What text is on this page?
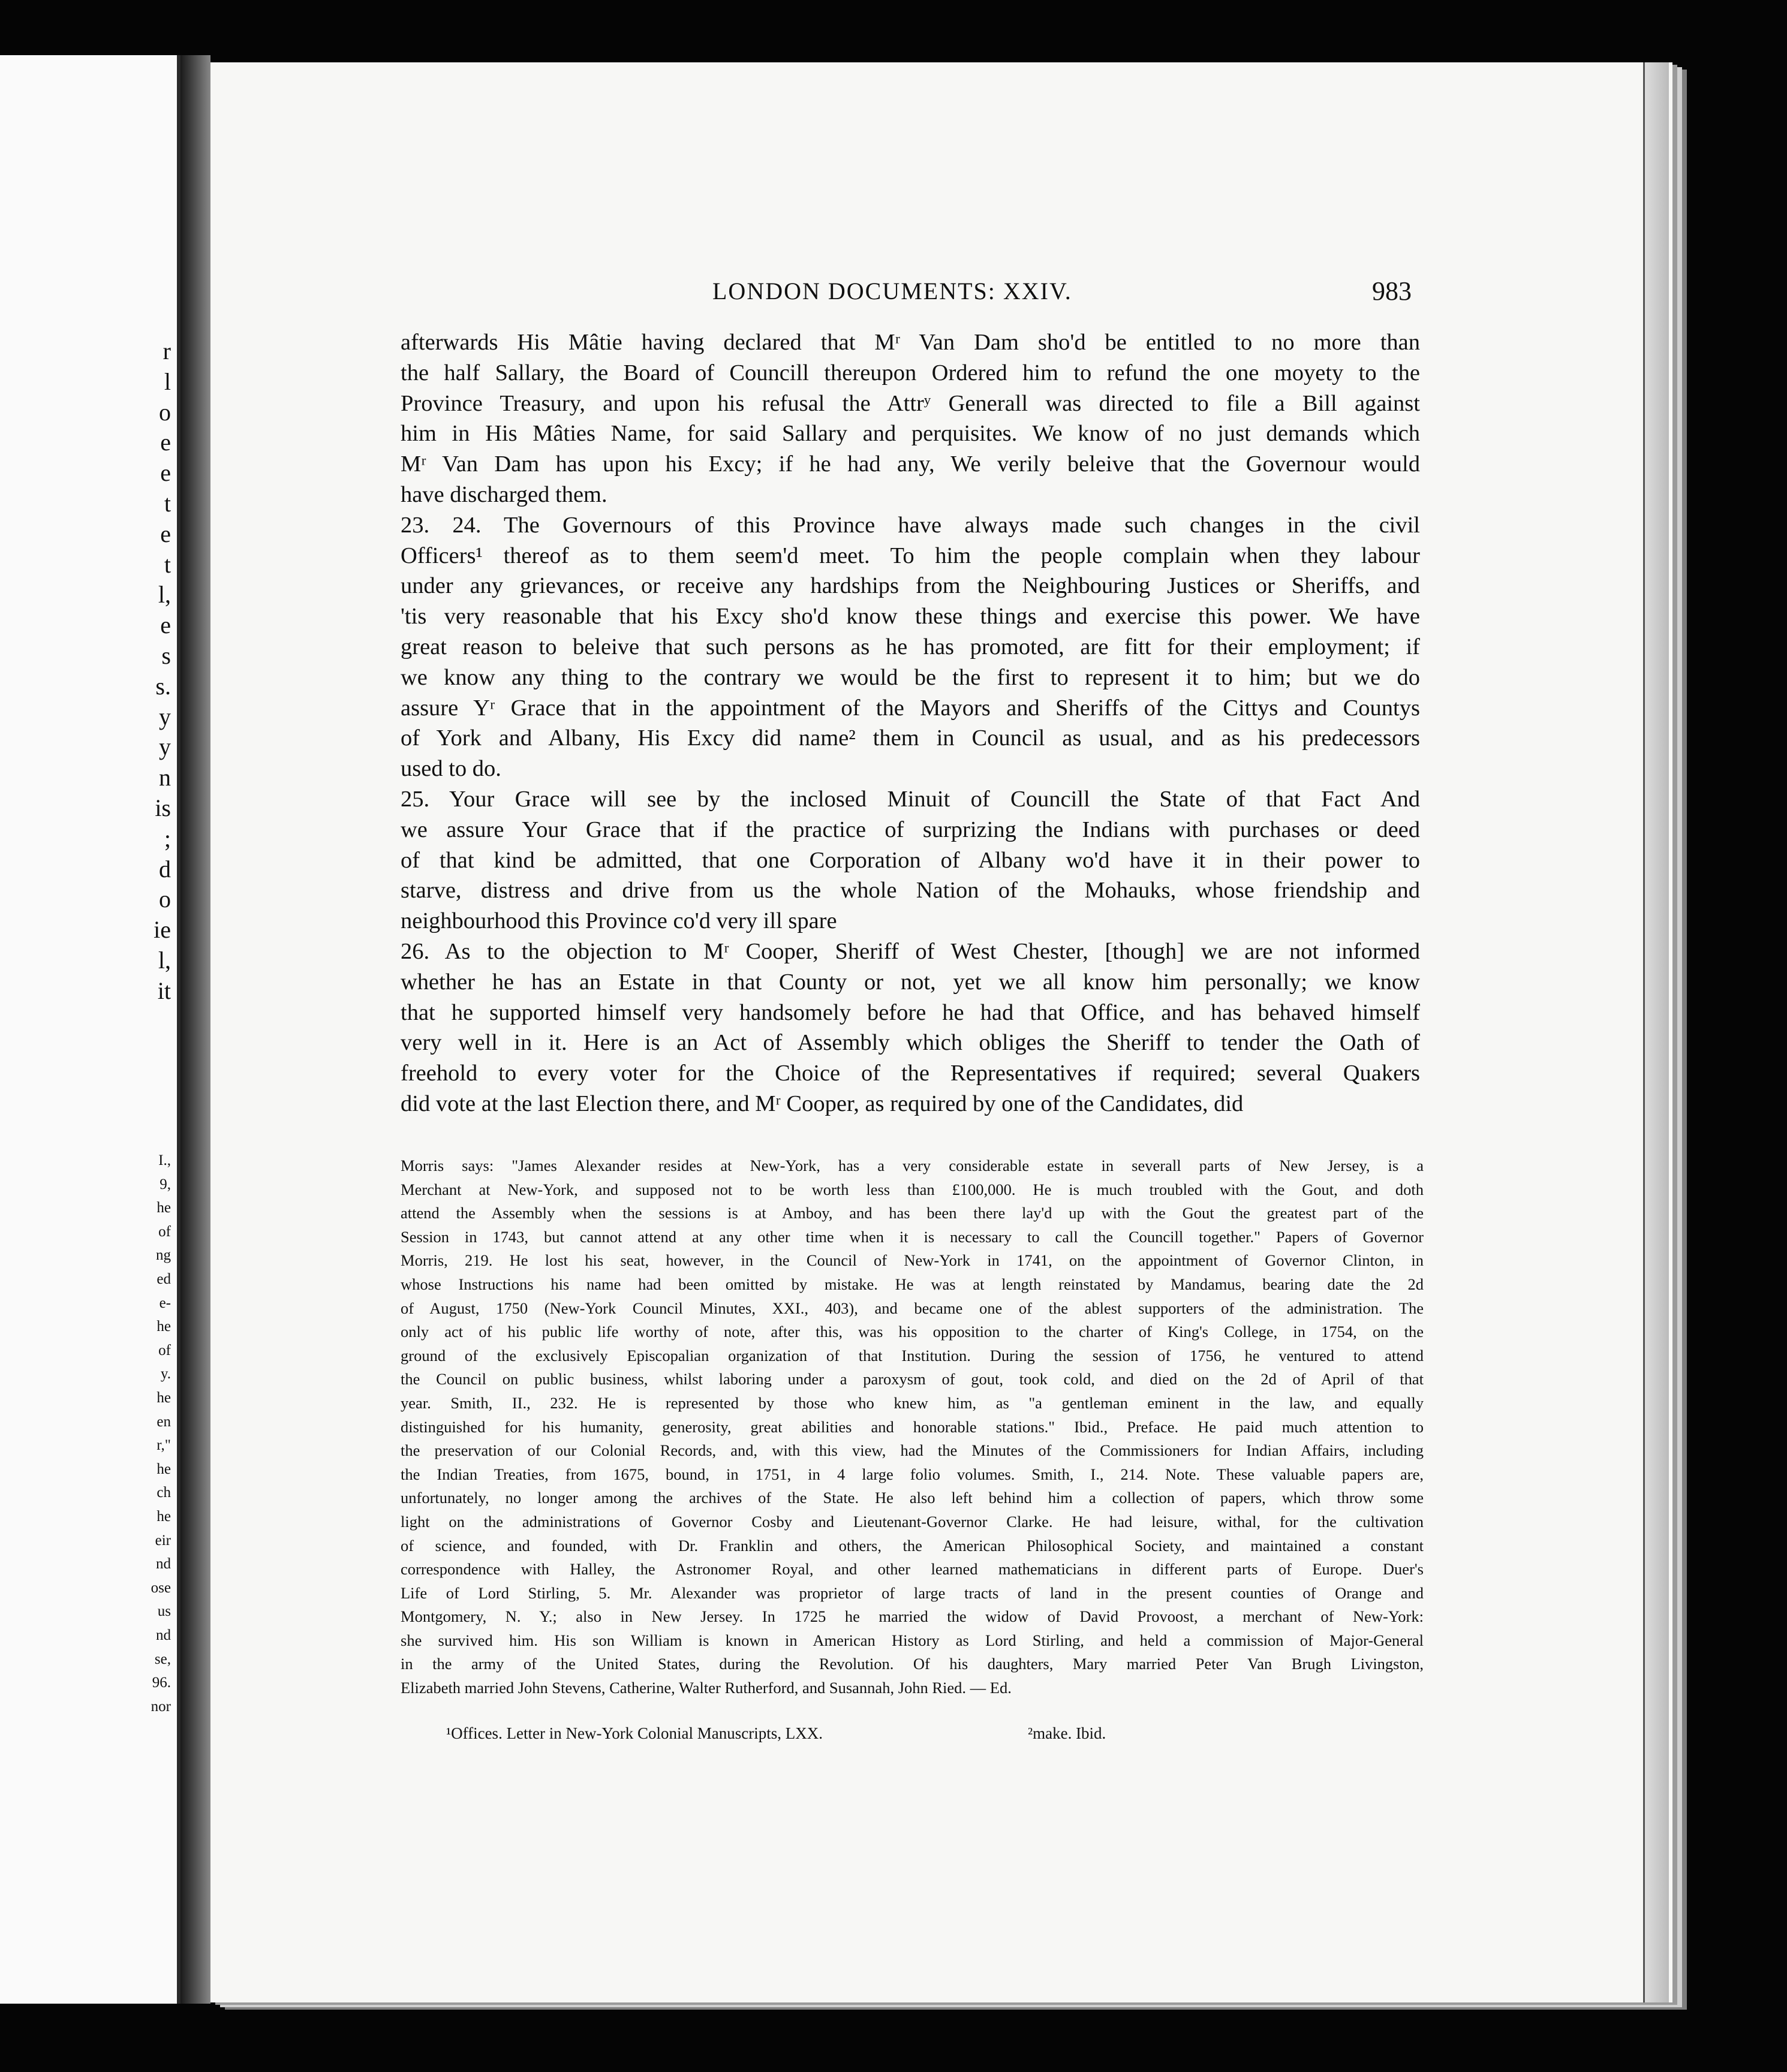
r
l
o
e
e
t
e
t
l,
e
s
s.
y
y
n
is
;
d
o
ie
l,
it
I.,
9,
he
of
ng
ed
e-
he
of
y.
he
en
r,"
he
ch
he
eir
nd
ose
us
nd
se,
96.
nor
LONDON DOCUMENTS: XXIV.	983
afterwards His Mâtie having declared that Mʳ Van Dam sho'd be entitled to no more than
the half Sallary, the Board of Councill thereupon Ordered him to refund the one moyety to the
Province Treasury, and upon his refusal the Attrʸ Generall was directed to file a Bill against
him in His Mâties Name, for said Sallary and perquisites. We know of no just demands which
Mʳ Van Dam has upon his Excy; if he had any, We verily beleive that the Governour would
have discharged them.
23. 24. The Governours of this Province have always made such changes in the civil
Officers¹ thereof as to them seem'd meet. To him the people complain when they labour
under any grievances, or receive any hardships from the Neighbouring Justices or Sheriffs, and
'tis very reasonable that his Excy sho'd know these things and exercise this power. We have
great reason to beleive that such persons as he has promoted, are fitt for their employment; if
we know any thing to the contrary we would be the first to represent it to him; but we do
assure Yʳ Grace that in the appointment of the Mayors and Sheriffs of the Cittys and Countys
of York and Albany, His Excy did name² them in Council as usual, and as his predecessors
used to do.
25. Your Grace will see by the inclosed Minuit of Councill the State of that Fact And
we assure Your Grace that if the practice of surprizing the Indians with purchases or deed
of that kind be admitted, that one Corporation of Albany wo'd have it in their power to
starve, distress and drive from us the whole Nation of the Mohauks, whose friendship and
neighbourhood this Province co'd very ill spare
26. As to the objection to Mʳ Cooper, Sheriff of West Chester, [though] we are not informed
whether he has an Estate in that County or not, yet we all know him personally; we know
that he supported himself very handsomely before he had that Office, and has behaved himself
very well in it. Here is an Act of Assembly which obliges the Sheriff to tender the Oath of
freehold to every voter for the Choice of the Representatives if required; several Quakers
did vote at the last Election there, and Mʳ Cooper, as required by one of the Candidates, did
Morris says: "James Alexander resides at New-York, has a very considerable estate in severall parts of New Jersey, is a
Merchant at New-York, and supposed not to be worth less than £100,000. He is much troubled with the Gout, and doth
attend the Assembly when the sessions is at Amboy, and has been there lay'd up with the Gout the greatest part of the
Session in 1743, but cannot attend at any other time when it is necessary to call the Councill together." Papers of Governor
Morris, 219. He lost his seat, however, in the Council of New-York in 1741, on the appointment of Governor Clinton, in
whose Instructions his name had been omitted by mistake. He was at length reinstated by Mandamus, bearing date the 2d
of August, 1750 (New-York Council Minutes, XXI., 403), and became one of the ablest supporters of the administration. The
only act of his public life worthy of note, after this, was his opposition to the charter of King's College, in 1754, on the
ground of the exclusively Episcopalian organization of that Institution. During the session of 1756, he ventured to attend
the Council on public business, whilst laboring under a paroxysm of gout, took cold, and died on the 2d of April of that
year. Smith, II., 232. He is represented by those who knew him, as "a gentleman eminent in the law, and equally
distinguished for his humanity, generosity, great abilities and honorable stations." Ibid., Preface. He paid much attention to
the preservation of our Colonial Records, and, with this view, had the Minutes of the Commissioners for Indian Affairs, including
the Indian Treaties, from 1675, bound, in 1751, in 4 large folio volumes. Smith, I., 214. Note. These valuable papers are,
unfortunately, no longer among the archives of the State. He also left behind him a collection of papers, which throw some
light on the administrations of Governor Cosby and Lieutenant-Governor Clarke. He had leisure, withal, for the cultivation
of science, and founded, with Dr. Franklin and others, the American Philosophical Society, and maintained a constant
correspondence with Halley, the Astronomer Royal, and other learned mathematicians in different parts of Europe. Duer's
Life of Lord Stirling, 5. Mr. Alexander was proprietor of large tracts of land in the present counties of Orange and
Montgomery, N. Y.; also in New Jersey. In 1725 he married the widow of David Provoost, a merchant of New-York:
she survived him. His son William is known in American History as Lord Stirling, and held a commission of Major-General
in the army of the United States, during the Revolution. Of his daughters, Mary married Peter Van Brugh Livingston,
Elizabeth married John Stevens, Catherine, Walter Rutherford, and Susannah, John Ried. — Ed.
¹Offices. Letter in New-York Colonial Manuscripts, LXX.	²make. Ibid.
